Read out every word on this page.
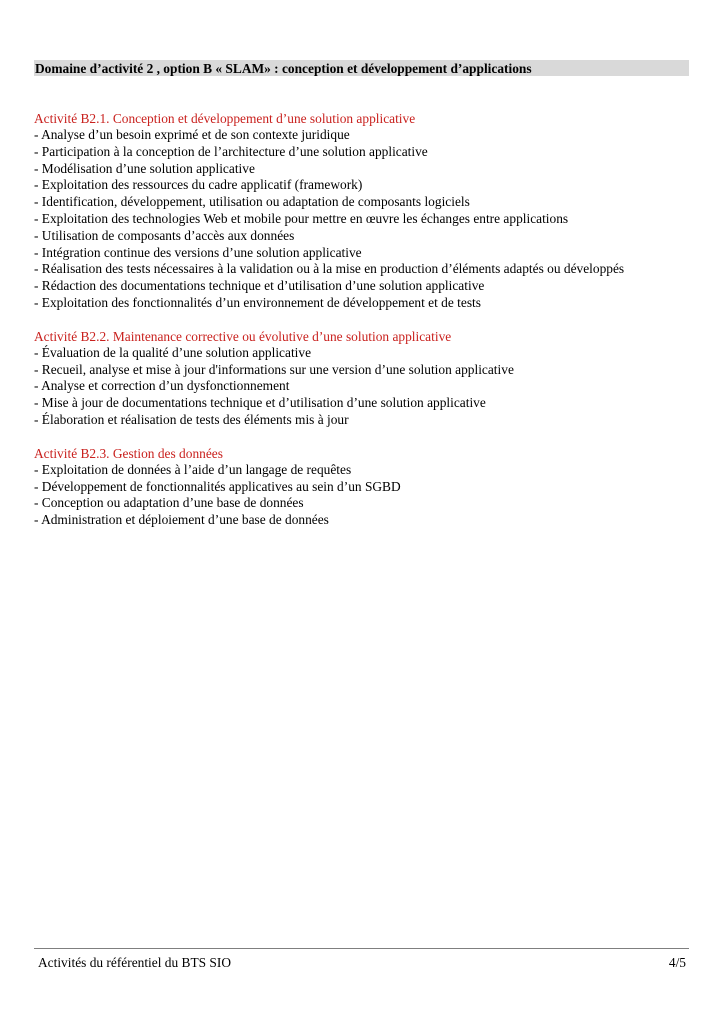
Domaine d’activité 2 , option B « SLAM» : conception et développement d’applications
Activité B2.1. Conception et développement d’une solution applicative
- Analyse d’un besoin exprimé et de son contexte juridique
- Participation à la conception de l’architecture d’une solution applicative
- Modélisation d’une solution applicative
- Exploitation des ressources du cadre applicatif (framework)
- Identification, développement, utilisation ou adaptation de composants logiciels
- Exploitation des technologies Web et mobile pour mettre en œuvre les échanges entre applications
- Utilisation de composants d’accès aux données
- Intégration continue des versions d’une solution applicative
- Réalisation des tests nécessaires à la validation ou à la mise en production d’éléments adaptés ou développés
- Rédaction des documentations technique et d’utilisation d’une solution applicative
- Exploitation des fonctionnalités d’un environnement de développement et de tests
Activité B2.2. Maintenance corrective ou évolutive d’une solution applicative
- Évaluation de la qualité d’une solution applicative
- Recueil, analyse et mise à jour d'informations sur une version d’une solution applicative
- Analyse et correction d’un dysfonctionnement
- Mise à jour de documentations technique et d’utilisation d’une solution applicative
- Élaboration et réalisation de tests des éléments mis à jour
Activité B2.3. Gestion des données
- Exploitation de données à l’aide d’un langage de requêtes
- Développement de fonctionnalités applicatives au sein d’un SGBD
- Conception ou adaptation d’une base de données
- Administration et déploiement d’une base de données
Activités du référentiel du BTS SIO	4/5
